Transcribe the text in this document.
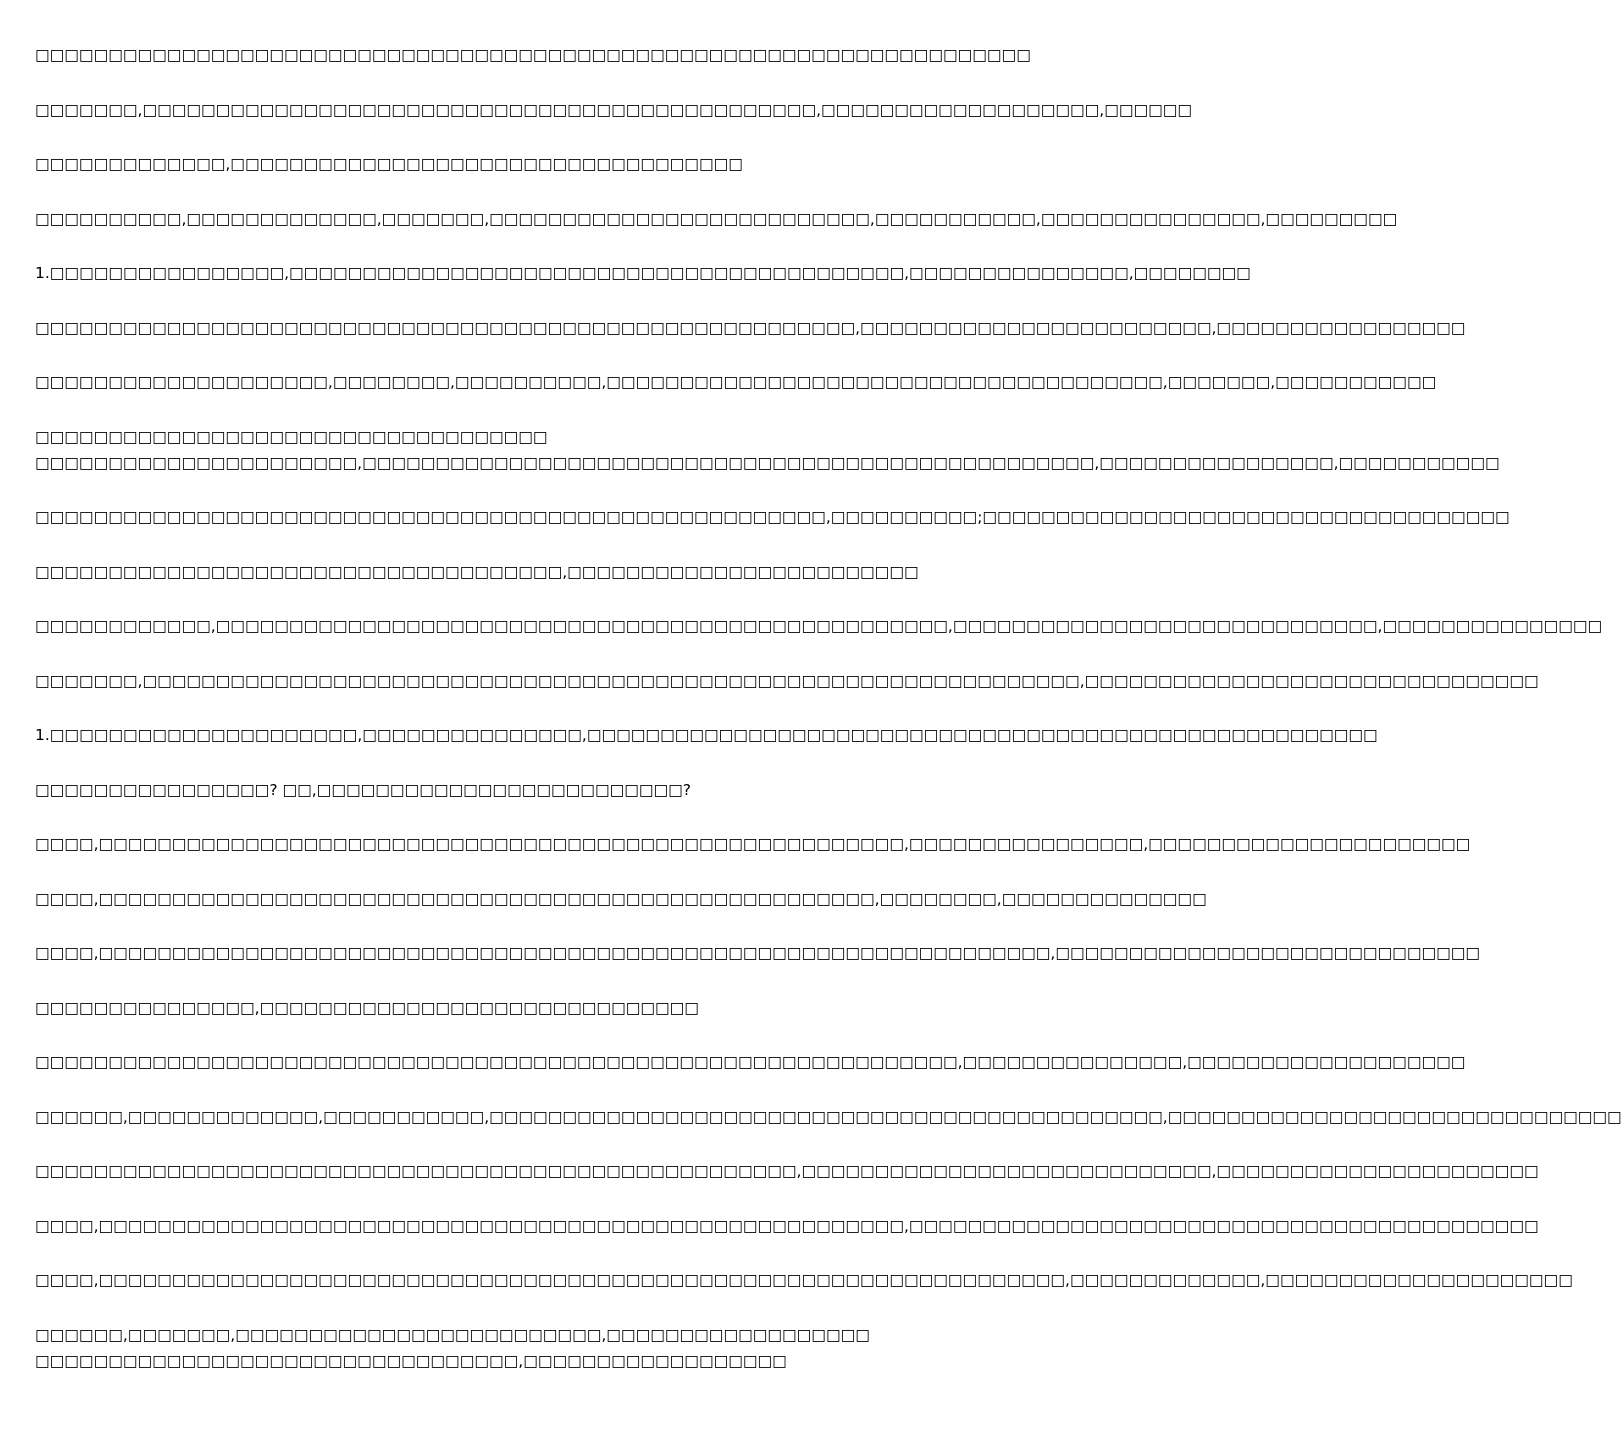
□□□□□□□□□□□□□□□□□□□□□□□□□□□□□□□□□□□□□□□□□□□□□□□□□□□□□□□□□□□□□□□□□□□□
□□□□□□□,□□□□□□□□□□□□□□□□□□□□□□□□□□□□□□□□□□□□□□□□□□□□□□,□□□□□□□□□□□□□□□□□□□,□□□□□□
□□□□□□□□□□□□□,□□□□□□□□□□□□□□□□□□□□□□□□□□□□□□□□□□□
□□□□□□□□□□,□□□□□□□□□□□□□,□□□□□□□,□□□□□□□□□□□□□□□□□□□□□□□□□□,□□□□□□□□□□□,□□□□□□□□□□□□□□□,□□□□□□□□□
1.□□□□□□□□□□□□□□□□,□□□□□□□□□□□□□□□□□□□□□□□□□□□□□□□□□□□□□□□□□□,□□□□□□□□□□□□□□□,□□□□□□□□
□□□□□□□□□□□□□□□□□□□□□□□□□□□□□□□□□□□□□□□□□□□□□□□□□□□□□□□□,□□□□□□□□□□□□□□□□□□□□□□□□,□□□□□□□□□□□□□□□□□
□□□□□□□□□□□□□□□□□□□□,□□□□□□□□,□□□□□□□□□□,□□□□□□□□□□□□□□□□□□□□□□□□□□□□□□□□□□□□□□,□□□□□□□,□□□□□□□□□□□
□□□□□□□□□□□□□□□□□□□□□□□□□□□□□□□□□□□
□□□□□□□□□□□□□□□□□□□□□□,□□□□□□□□□□□□□□□□□□□□□□□□□□□□□□□□□□□□□□□□□□□□□□□□□□,□□□□□□□□□□□□□□□□,□□□□□□□□□□□
□□□□□□□□□□□□□□□□□□□□□□□□□□□□□□□□□□□□□□□□□□□□□□□□□□□□□□,□□□□□□□□□□;□□□□□□□□□□□□□□□□□□□□□□□□□□□□□□□□□□□□
□□□□□□□□□□□□□□□□□□□□□□□□□□□□□□□□□□□□,□□□□□□□□□□□□□□□□□□□□□□□□
□□□□□□□□□□□□,□□□□□□□□□□□□□□□□□□□□□□□□□□□□□□□□□□□□□□□□□□□□□□□□□□,□□□□□□□□□□□□□□□□□□□□□□□□□□□□□,□□□□□□□□□□□□□□□
□□□□□□□,□□□□□□□□□□□□□□□□□□□□□□□□□□□□□□□□□□□□□□□□□□□□□□□□□□□□□□□□□□□□□□□□,□□□□□□□□□□□□□□□□□□□□□□□□□□□□□□□
1.□□□□□□□□□□□□□□□□□□□□□,□□□□□□□□□□□□□□□,□□□□□□□□□□□□□□□□□□□□□□□□□□□□□□□□□□□□□□□□□□□□□□□□□□□□□□
□□□□□□□□□□□□□□□□? □□,□□□□□□□□□□□□□□□□□□□□□□□□□?
□□□□,□□□□□□□□□□□□□□□□□□□□□□□□□□□□□□□□□□□□□□□□□□□□□□□□□□□□□□□,□□□□□□□□□□□□□□□□,□□□□□□□□□□□□□□□□□□□□□□
□□□□,□□□□□□□□□□□□□□□□□□□□□□□□□□□□□□□□□□□□□□□□□□□□□□□□□□□□□,□□□□□□□□,□□□□□□□□□□□□□□
□□□□,□□□□□□□□□□□□□□□□□□□□□□□□□□□□□□□□□□□□□□□□□□□□□□□□□□□□□□□□□□□□□□□□□,□□□□□□□□□□□□□□□□□□□□□□□□□□□□□
□□□□□□□□□□□□□□□,□□□□□□□□□□□□□□□□□□□□□□□□□□□□□□
□□□□□□□□□□□□□□□□□□□□□□□□□□□□□□□□□□□□□□□□□□□□□□□□□□□□□□□□□□□□□□□,□□□□□□□□□□□□□□□,□□□□□□□□□□□□□□□□□□□
□□□□□□,□□□□□□□□□□□□□,□□□□□□□□□□□,□□□□□□□□□□□□□□□□□□□□□□□□□□□□□□□□□□□□□□□□□□□□□□,□□□□□□□□□□□□□□□□□□□□□□□□□□□□□□□
□□□□□□□□□□□□□□□□□□□□□□□□□□□□□□□□□□□□□□□□□□□□□□□□□□□□,□□□□□□□□□□□□□□□□□□□□□□□□□□□□,□□□□□□□□□□□□□□□□□□□□□□
□□□□,□□□□□□□□□□□□□□□□□□□□□□□□□□□□□□□□□□□□□□□□□□□□□□□□□□□□□□□,□□□□□□□□□□□□□□□□□□□□□□□□□□□□□□□□□□□□□□□□□□□
□□□□,□□□□□□□□□□□□□□□□□□□□□□□□□□□□□□□□□□□□□□□□□□□□□□□□□□□□□□□□□□□□□□□□□□,□□□□□□□□□□□□□,□□□□□□□□□□□□□□□□□□□□□
□□□□□□,□□□□□□□,□□□□□□□□□□□□□□□□□□□□□□□□□,□□□□□□□□□□□□□□□□□□
□□□□□□□□□□□□□□□□□□□□□□□□□□□□□□□□□,□□□□□□□□□□□□□□□□□□
